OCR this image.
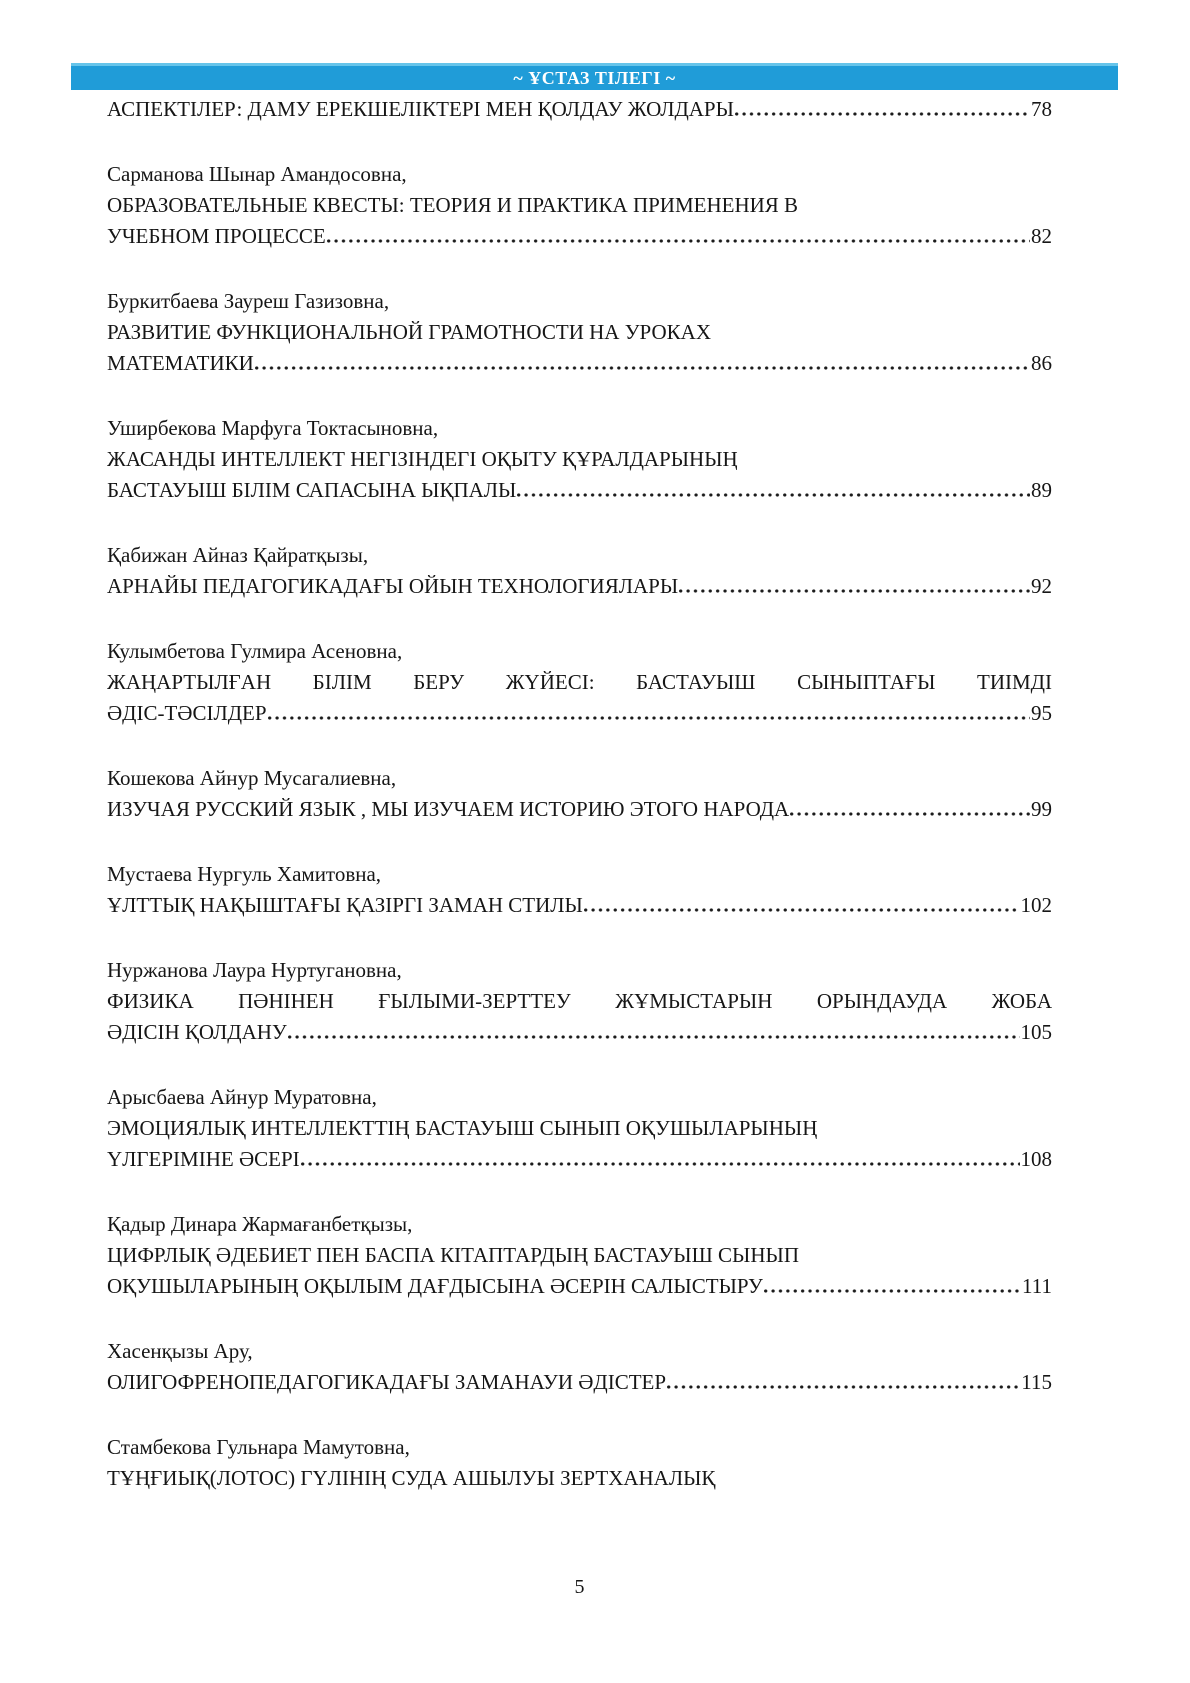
~ ҰСТАЗ ТІЛЕГІ ~
АСПЕКТІЛЕР: ДАМУ ЕРЕКШЕЛІКТЕРІ МЕН ҚОЛДАУ ЖОЛДАРЫ	78
Сарманова Шынар Амандосовна,
ОБРАЗОВАТЕЛЬНЫЕ КВЕСТЫ: ТЕОРИЯ И ПРАКТИКА ПРИМЕНЕНИЯ В
УЧЕБНОМ ПРОЦЕССЕ	82
Буркитбаева Зауреш Газизовна,
РАЗВИТИЕ ФУНКЦИОНАЛЬНОЙ ГРАМОТНОСТИ НА УРОКАХ
МАТЕМАТИКИ	86
Уширбекова Марфуга Токтасыновна,
ЖАСАНДЫ ИНТЕЛЛЕКТ НЕГІЗІНДЕГІ ОҚЫТУ ҚҰРАЛДАРЫНЫҢ
БАСТАУЫШ БІЛІМ САПАСЫНА ЫҚПАЛЫ	89
Қабижан Айназ Қайратқызы,
АРНАЙЫ ПЕДАГОГИКАДАҒЫ ОЙЫН ТЕХНОЛОГИЯЛАРЫ	92
Кулымбетова Гулмира Асеновна,
ЖАҢАРТЫЛҒАН БІЛІМ БЕРУ ЖҮЙЕСІ: БАСТАУЫШ СЫНЫПТАҒЫ ТИІМДІ
ӘДІС-ТӘСІЛДЕР	95
Кошекова Айнур Мусагалиевна,
ИЗУЧАЯ РУССКИЙ ЯЗЫК , МЫ ИЗУЧАЕМ ИСТОРИЮ ЭТОГО НАРОДА	99
Мустаева Нургуль Хамитовна,
ҰЛТТЫҚ НАҚЫШТАҒЫ ҚАЗІРГІ ЗАМАН СТИЛЫ	102
Нуржанова Лаура Нуртугановна,
ФИЗИКА ПӘНІНЕН ҒЫЛЫМИ-ЗЕРТТЕУ ЖҰМЫСТАРЫН ОРЫНДАУДА ЖОБА
ӘДІСІН ҚОЛДАНУ	105
Арысбаева Айнур Муратовна,
ЭМОЦИЯЛЫҚ ИНТЕЛЛЕКТТІҢ БАСТАУЫШ СЫНЫП ОҚУШЫЛАРЫНЫҢ
ҮЛГЕРІМІНЕ ӘСЕРІ	108
Қадыр Динара Жармағанбетқызы,
ЦИФРЛЫҚ ӘДЕБИЕТ ПЕН БАСПА КІТАПТАРДЫҢ БАСТАУЫШ СЫНЫП
ОҚУШЫЛАРЫНЫҢ ОҚЫЛЫМ ДАҒДЫСЫНА ӘСЕРІН САЛЫСТЫРУ	111
Хасенқызы Ару,
ОЛИГОФРЕНОПЕДАГОГИКАДАҒЫ ЗАМАНАУИ ӘДІСТЕР	115
Стамбекова Гульнара Мамутовна,
ТҰҢҒИЫҚ(ЛОТОС) ГҮЛІНІҢ СУДА АШЫЛУЫ ЗЕРТХАНАЛЫҚ
5
